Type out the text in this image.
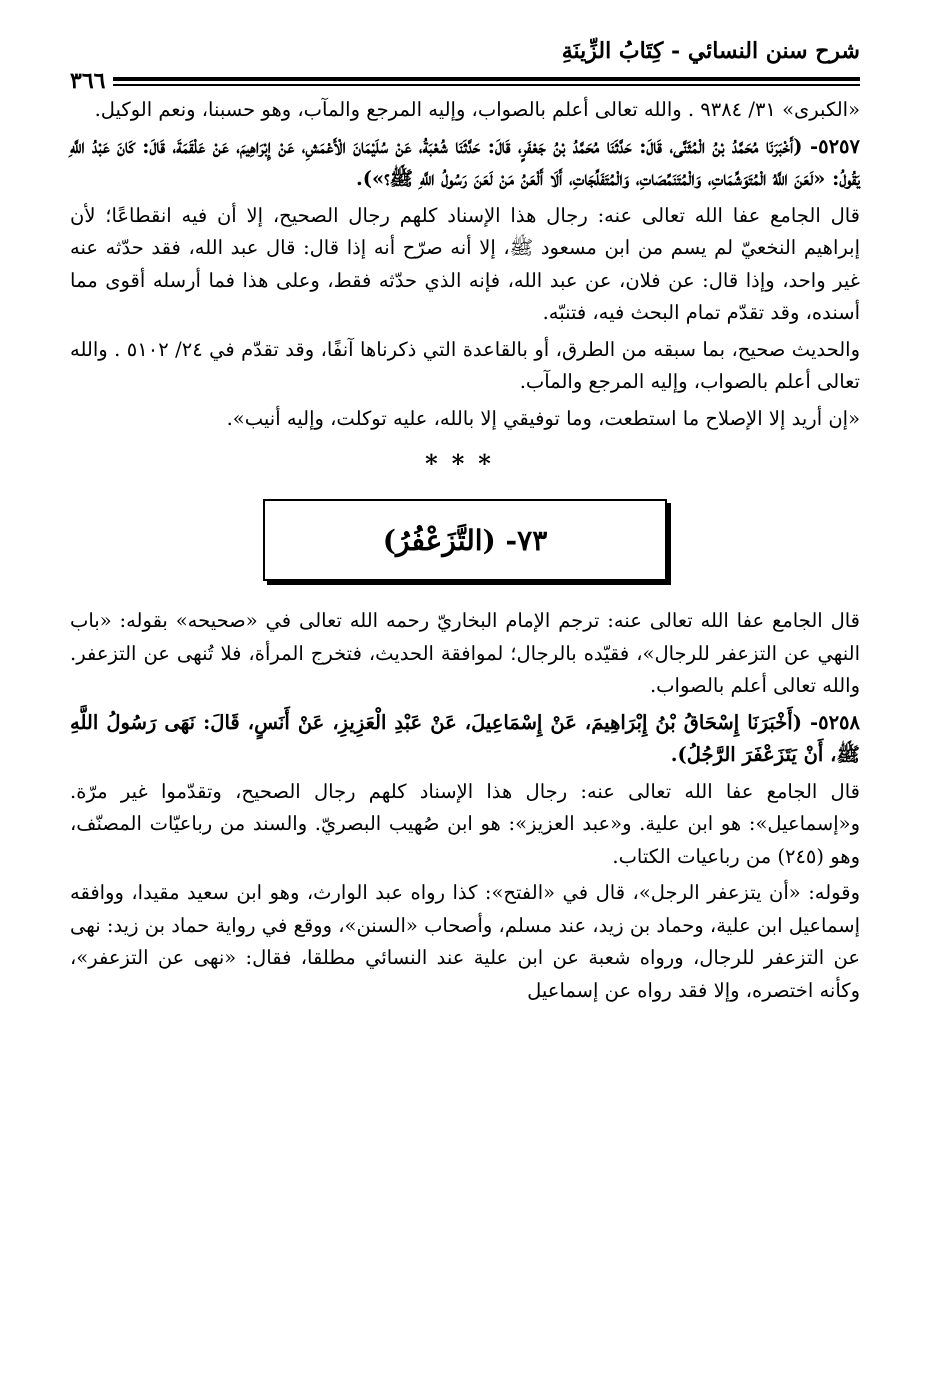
شرح سنن النسائي - كِتَابُ الزِّينَةِ
٣٦٦

«الكبرى» ٣١/ ٩٣٨٤ . والله تعالى أعلم بالصواب، وإليه المرجع والمآب، وهو حسبنا، ونعم الوكيل.

٥٢٥٧- (أَخْبَرَنَا مُحَمَّدُ بْنُ الْمُثَنَّى، قَالَ: حَدَّثَنَا مُحَمَّدُ بْنُ جَعْفَرٍ، قَالَ: حَدَّثَنَا شُعْبَةُ، عَنْ سُلَيْمَانَ الْأَعْمَشِ، عَنْ إِبْرَاهِيمَ، عَنْ عَلْقَمَةَ، قَالَ: كَانَ عَبْدُ اللَّهِ يَقُولُ: «لَعَنَ اللَّهُ الْمُتَوَشِّمَاتِ، وَالْمُتَنَمِّصَاتِ، وَالْمُتَفَلِّجَاتِ، أَلَا أَلْعَنُ مَنْ لَعَنَ رَسُولُ اللَّهِ ﷺ؟»).

قال الجامع عفا الله تعالى عنه: رجال هذا الإسناد كلهم رجال الصحيح، إلا أن فيه انقطاعًا؛ لأن إبراهيم النخعيّ لم يسم من ابن مسعود ﷺ، إلا أنه صرّح أنه إذا قال: قال عبد الله، فقد حدّثه عنه غير واحد، وإذا قال: عن فلان، عن عبد الله، فإنه الذي حدّثه فقط، وعلى هذا فما أرسله أقوى مما أسنده، وقد تقدّم تمام البحث فيه، فتنبّه.

والحديث صحيح، بما سبقه من الطرق، أو بالقاعدة التي ذكرناها آنفًا، وقد تقدّم في ٢٤/ ٥١٠٢ . والله تعالى أعلم بالصواب، وإليه المرجع والمآب.

«إن أريد إلا الإصلاح ما استطعت، وما توفيقي إلا بالله، عليه توكلت، وإليه أنيب».

***
٧٣- (التَّزَعْفُرُ)

قال الجامع عفا الله تعالى عنه: ترجم الإمام البخاريّ رحمه الله تعالى في «صحيحه» بقوله: «باب النهي عن التزعفر للرجال»، فقيّده بالرجال؛ لموافقة الحديث، فتخرج المرأة، فلا تُنهى عن التزعفر. والله تعالى أعلم بالصواب.

٥٢٥٨- (أَخْبَرَنَا إِسْحَاقُ بْنُ إِبْرَاهِيمَ، عَنْ إِسْمَاعِيلَ، عَنْ عَبْدِ الْعَزِيزِ، عَنْ أَنَسٍ، قَالَ: نَهَى رَسُولُ اللَّهِ ﷺ، أَنْ يَتَزَعْفَرَ الرَّجُلُ).

قال الجامع عفا الله تعالى عنه: رجال هذا الإسناد كلهم رجال الصحيح، وتقدّموا غير مرّة. و«إسماعيل»: هو ابن علية. و«عبد العزيز»: هو ابن صُهيب البصريّ. والسند من رباعيّات المصنّف، وهو (٢٤٥) من رباعيات الكتاب.

وقوله: «أن يتزعفر الرجل»، قال في «الفتح»: كذا رواه عبد الوارث، وهو ابن سعيد مقيدا، ووافقه إسماعيل ابن علية، وحماد بن زيد، عند مسلم، وأصحاب «السنن»، ووقع في رواية حماد بن زيد: نهى عن التزعفر للرجال، ورواه شعبة عن ابن علية عند النسائي مطلقا، فقال: «نهى عن التزعفر»، وكأنه اختصره، وإلا فقد رواه عن إسماعيل
